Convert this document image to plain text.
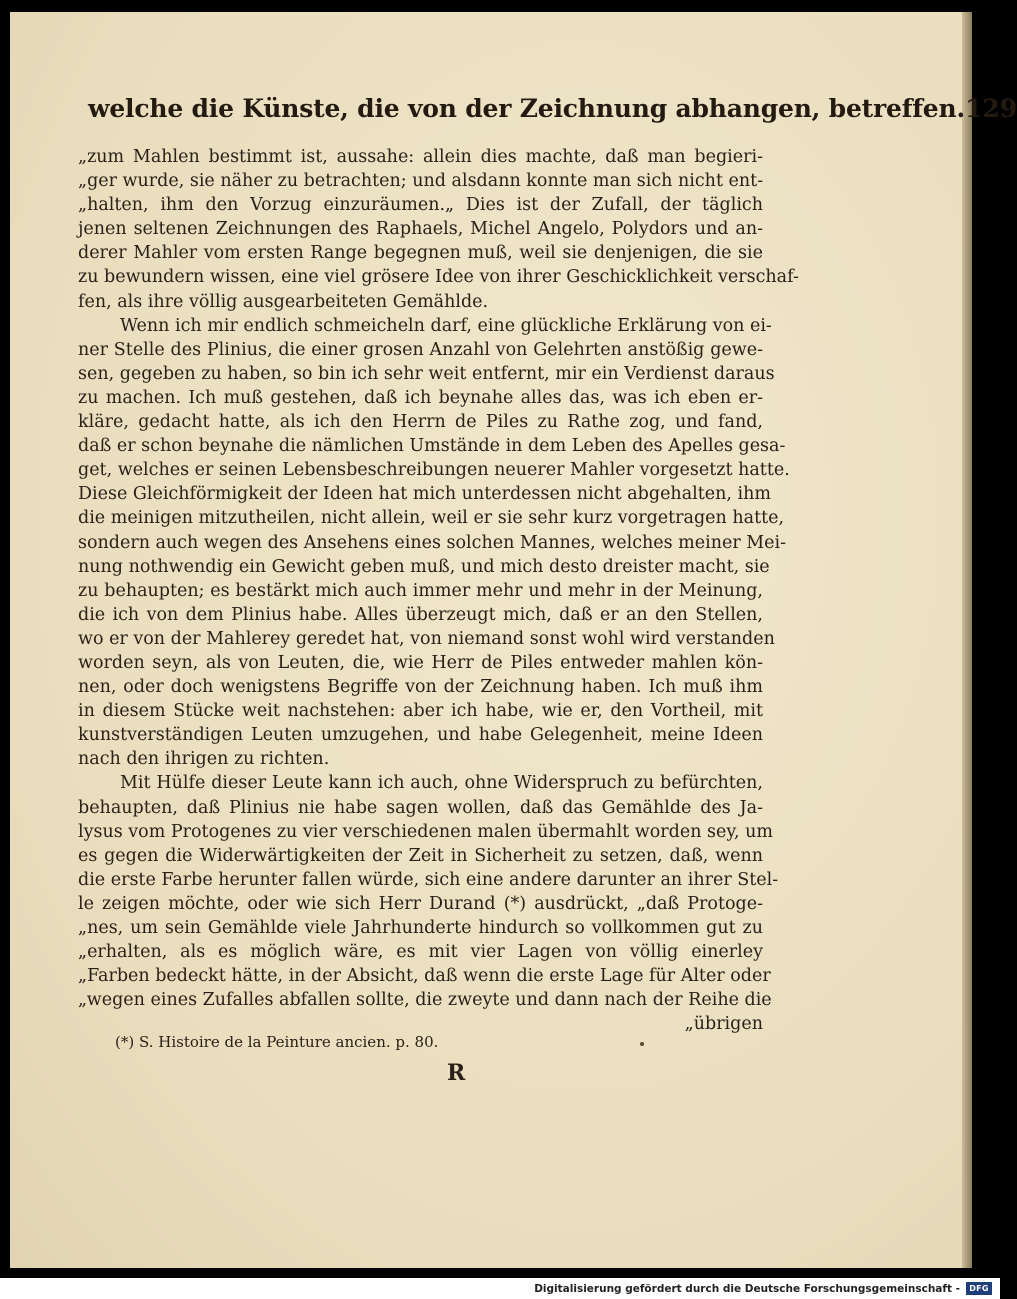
welche die Künste, die von der Zeichnung abhangen, betreffen. 129
„zum Mahlen bestimmt ist, aussahe: allein dies machte, daß man begieri-
„ger wurde, sie näher zu betrachten; und alsdann konnte man sich nicht ent-
„halten, ihm den Vorzug einzuräumen.„ Dies ist der Zufall, der täglich
jenen seltenen Zeichnungen des Raphaels, Michel Angelo, Polydors und an-
derer Mahler vom ersten Range begegnen muß, weil sie denjenigen, die sie
zu bewundern wissen, eine viel grösere Idee von ihrer Geschicklichkeit verschaf-
fen, als ihre völlig ausgearbeiteten Gemählde.
Wenn ich mir endlich schmeicheln darf, eine glückliche Erklärung von ei-
ner Stelle des Plinius, die einer grosen Anzahl von Gelehrten anstößig gewe-
sen, gegeben zu haben, so bin ich sehr weit entfernt, mir ein Verdienst daraus
zu machen. Ich muß gestehen, daß ich beynahe alles das, was ich eben er-
kläre, gedacht hatte, als ich den Herrn de Piles zu Rathe zog, und fand,
daß er schon beynahe die nämlichen Umstände in dem Leben des Apelles gesa-
get, welches er seinen Lebensbeschreibungen neuerer Mahler vorgesetzt hatte.
Diese Gleichförmigkeit der Ideen hat mich unterdessen nicht abgehalten, ihm
die meinigen mitzutheilen, nicht allein, weil er sie sehr kurz vorgetragen hatte,
sondern auch wegen des Ansehens eines solchen Mannes, welches meiner Mei-
nung nothwendig ein Gewicht geben muß, und mich desto dreister macht, sie
zu behaupten; es bestärkt mich auch immer mehr und mehr in der Meinung,
die ich von dem Plinius habe. Alles überzeugt mich, daß er an den Stellen,
wo er von der Mahlerey geredet hat, von niemand sonst wohl wird verstanden
worden seyn, als von Leuten, die, wie Herr de Piles entweder mahlen kön-
nen, oder doch wenigstens Begriffe von der Zeichnung haben. Ich muß ihm
in diesem Stücke weit nachstehen: aber ich habe, wie er, den Vortheil, mit
kunstverständigen Leuten umzugehen, und habe Gelegenheit, meine Ideen
nach den ihrigen zu richten.
Mit Hülfe dieser Leute kann ich auch, ohne Widerspruch zu befürchten,
behaupten, daß Plinius nie habe sagen wollen, daß das Gemählde des Ja-
lysus vom Protogenes zu vier verschiedenen malen übermahlt worden sey, um
es gegen die Widerwärtigkeiten der Zeit in Sicherheit zu setzen, daß, wenn
die erste Farbe herunter fallen würde, sich eine andere darunter an ihrer Stel-
le zeigen möchte, oder wie sich Herr Durand (*) ausdrückt, „daß Protoge-
„nes, um sein Gemählde viele Jahrhunderte hindurch so vollkommen gut zu
„erhalten, als es möglich wäre, es mit vier Lagen von völlig einerley
„Farben bedeckt hätte, in der Absicht, daß wenn die erste Lage für Alter oder
„wegen eines Zufalles abfallen sollte, die zweyte und dann nach der Reihe die
„übrigen
(*) S. Histoire de la Peinture ancien. p. 80.
R
Digitalisierung gefördert durch die Deutsche Forschungsgemeinschaft -	DFG
